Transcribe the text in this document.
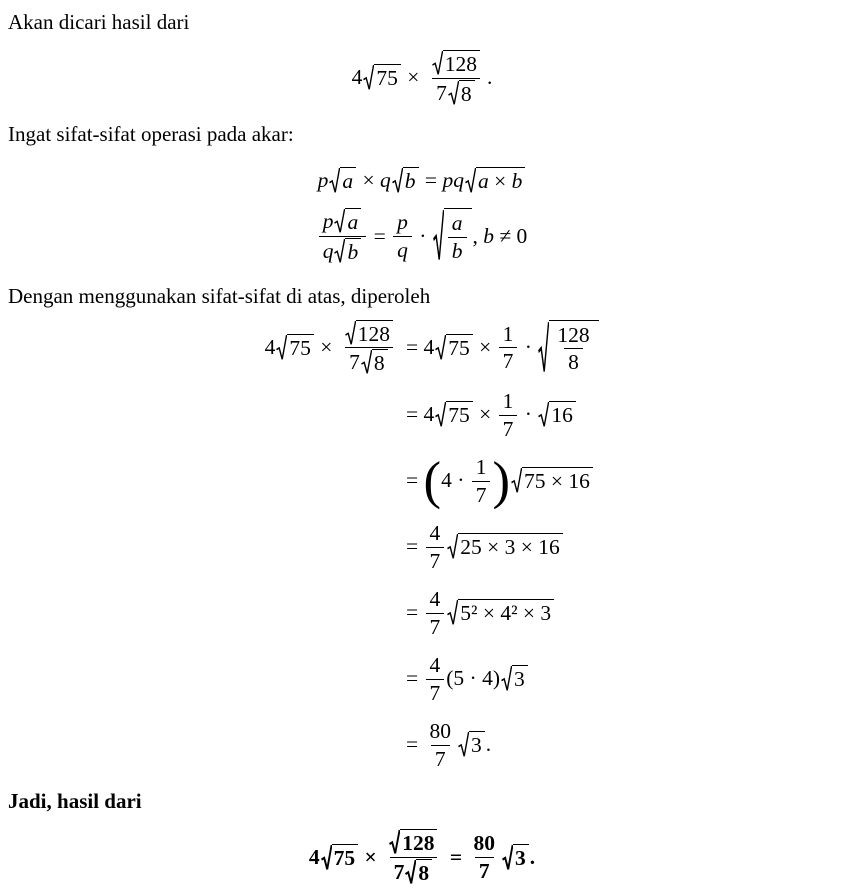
Akan dicari hasil dari

4 $75 \times \frac{128}{7 8}$ .

Ingat sifat-sifat operasi pada akar:

p a × q b = pq a × b
$\frac{\text{p a}}{\text{q b}} = \frac{p}{q} \cdot \frac{a}{b}$ , b ≠ 0

Dengan menggunakan sifat-sifat di atas, diperoleh

4 $75 \times \frac{128}{7 8} = 4$ $75 \times \frac{1}{7} \cdot \frac{128}{8}$
= 4 $75 \times \frac{1}{7} \cdot 16$
= ( $4 \cdot \frac{1}{7}$ ) 75 × 16
= $\frac{4}{7} 25 \times 3 \times 16$
= $\frac{4}{7} 5^2 \times 4^2 \times 3$
= $\frac{4}{7} (5 \cdot 4)$ 3
= $\frac{80}{7} 3$ .

Jadi, hasil dari

4 $75 \times \frac{128}{7 8} = \frac{80}{7} 3$ .
